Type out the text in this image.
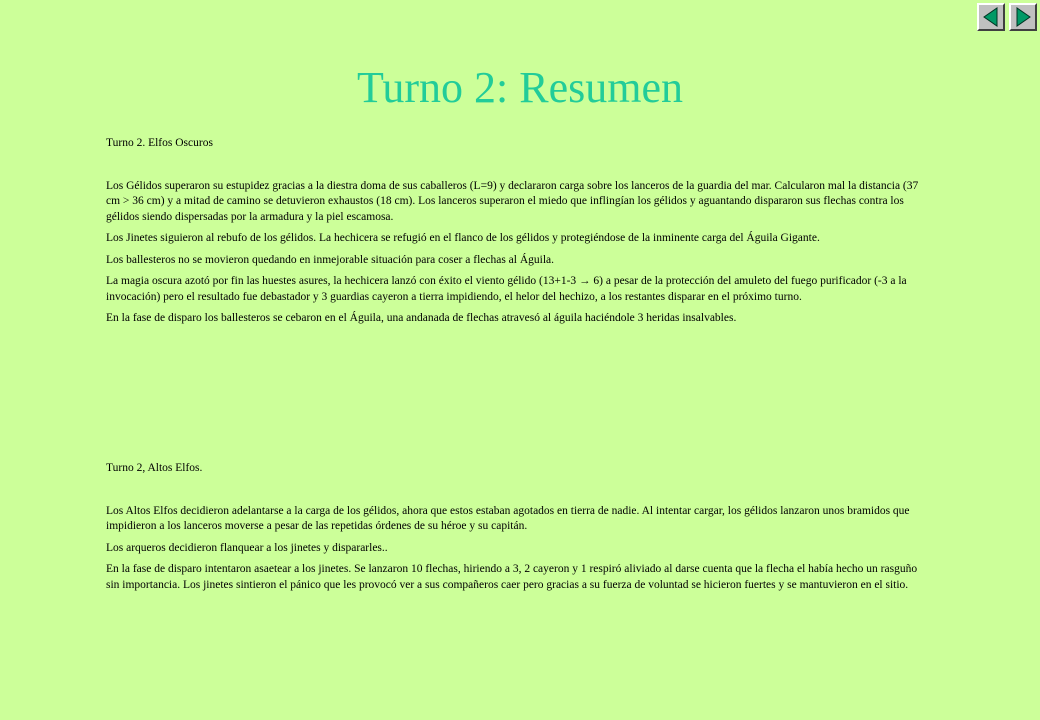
Turno 2: Resumen

Turno 2. Elfos Oscuros

Los Gélidos superaron su estupidez gracias a la diestra doma de sus caballeros (L=9) y declararon carga sobre los lanceros de la guardia del mar. Calcularon mal la distancia (37 cm > 36 cm) y a mitad de camino se detuvieron exhaustos (18 cm). Los lanceros superaron el miedo que inflingían los gélidos y aguantando dispararon sus flechas contra los gélidos siendo dispersadas por la armadura y la piel escamosa.

Los Jinetes siguieron al rebufo de los gélidos. La hechicera se refugió en el flanco de los gélidos y protegiéndose de la inminente carga del Águila Gigante.

Los ballesteros no se movieron quedando en inmejorable situación para coser a flechas al Águila.

La magia oscura azotó por fin las huestes asures, la hechicera lanzó con éxito el viento gélido (13+1-3 → 6) a pesar de la protección del amuleto del fuego purificador (-3 a la invocación) pero el resultado fue debastador y 3 guardias cayeron a tierra impidiendo, el helor del hechizo, a los restantes disparar en el próximo turno.

En la fase de disparo los ballesteros se cebaron en el Águila, una andanada de flechas atravesó al águila haciéndole 3 heridas insalvables.

Turno 2, Altos Elfos.

Los Altos Elfos decidieron adelantarse a la carga de los gélidos, ahora que estos estaban agotados en tierra de nadie. Al intentar cargar, los gélidos lanzaron unos bramidos que impidieron a los lanceros moverse a pesar de las repetidas órdenes de su héroe y su capitán.

Los arqueros decidieron flanquear a los jinetes y dispararles..

En la fase de disparo intentaron asaetear a los jinetes. Se lanzaron 10 flechas, hiriendo a 3, 2 cayeron y 1 respiró aliviado al darse cuenta que la flecha el había hecho un rasguño sin importancia. Los jinetes sintieron el pánico que les provocó ver a sus compañeros caer pero gracias a su fuerza de voluntad se hicieron fuertes y se mantuvieron en el sitio.
